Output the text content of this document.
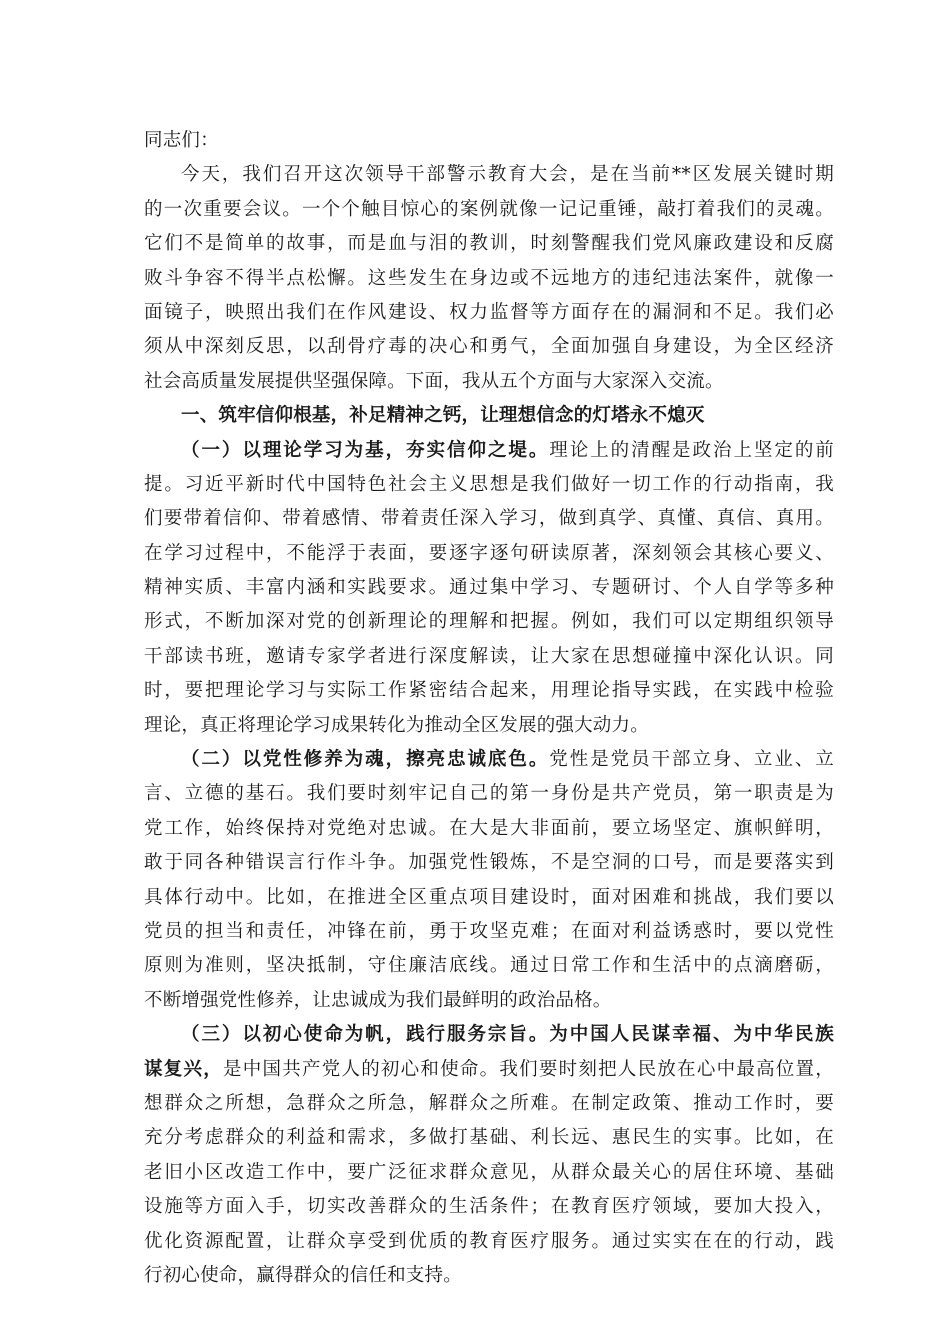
同志们：
今天，我们召开这次领导干部警示教育大会，是在当前**区发展关键时期
的一次重要会议。一个个触目惊心的案例就像一记记重锤，敲打着我们的灵魂。
它们不是简单的故事，而是血与泪的教训，时刻警醒我们党风廉政建设和反腐
败斗争容不得半点松懈。这些发生在身边或不远地方的违纪违法案件，就像一
面镜子，映照出我们在作风建设、权力监督等方面存在的漏洞和不足。我们必
须从中深刻反思，以刮骨疗毒的决心和勇气，全面加强自身建设，为全区经济
社会高质量发展提供坚强保障。下面，我从五个方面与大家深入交流。
一、筑牢信仰根基，补足精神之钙，让理想信念的灯塔永不熄灭
（一）以理论学习为基，夯实信仰之堤。理论上的清醒是政治上坚定的前
提。习近平新时代中国特色社会主义思想是我们做好一切工作的行动指南，我
们要带着信仰、带着感情、带着责任深入学习，做到真学、真懂、真信、真用。
在学习过程中，不能浮于表面，要逐字逐句研读原著，深刻领会其核心要义、
精神实质、丰富内涵和实践要求。通过集中学习、专题研讨、个人自学等多种
形式，不断加深对党的创新理论的理解和把握。例如，我们可以定期组织领导
干部读书班，邀请专家学者进行深度解读，让大家在思想碰撞中深化认识。同
时，要把理论学习与实际工作紧密结合起来，用理论指导实践，在实践中检验
理论，真正将理论学习成果转化为推动全区发展的强大动力。
（二）以党性修养为魂，擦亮忠诚底色。党性是党员干部立身、立业、立
言、立德的基石。我们要时刻牢记自己的第一身份是共产党员，第一职责是为
党工作，始终保持对党绝对忠诚。在大是大非面前，要立场坚定、旗帜鲜明，
敢于同各种错误言行作斗争。加强党性锻炼，不是空洞的口号，而是要落实到
具体行动中。比如，在推进全区重点项目建设时，面对困难和挑战，我们要以
党员的担当和责任，冲锋在前，勇于攻坚克难；在面对利益诱惑时，要以党性
原则为准则，坚决抵制，守住廉洁底线。通过日常工作和生活中的点滴磨砺，
不断增强党性修养，让忠诚成为我们最鲜明的政治品格。
（三）以初心使命为帆，践行服务宗旨。为中国人民谋幸福、为中华民族
谋复兴，是中国共产党人的初心和使命。我们要时刻把人民放在心中最高位置，
想群众之所想，急群众之所急，解群众之所难。在制定政策、推动工作时，要
充分考虑群众的利益和需求，多做打基础、利长远、惠民生的实事。比如，在
老旧小区改造工作中，要广泛征求群众意见，从群众最关心的居住环境、基础
设施等方面入手，切实改善群众的生活条件；在教育医疗领域，要加大投入，
优化资源配置，让群众享受到优质的教育医疗服务。通过实实在在的行动，践
行初心使命，赢得群众的信任和支持。
